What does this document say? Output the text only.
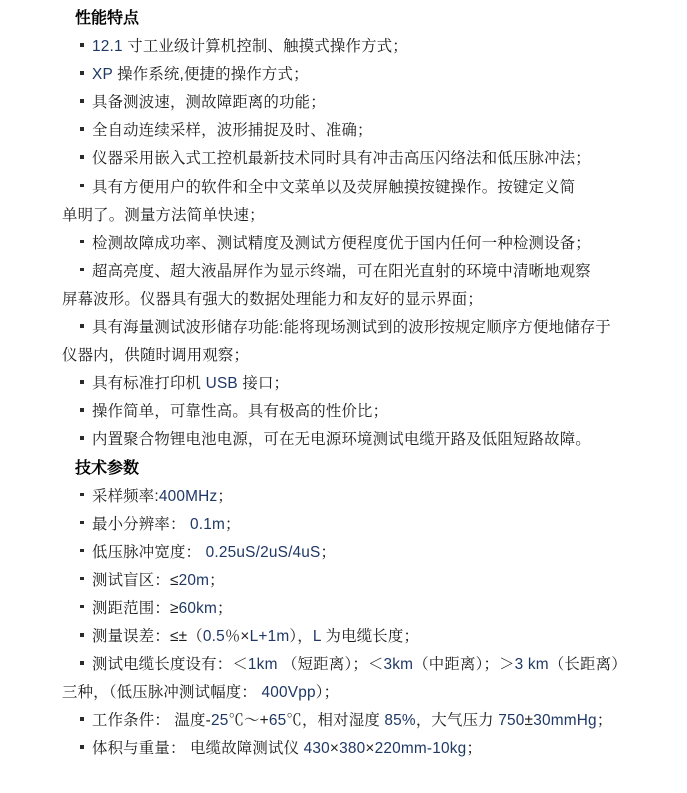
性能特点
12.1 寸工业级计算机控制、触摸式操作方式；
XP 操作系统,便捷的操作方式；
具备测波速，测故障距离的功能；
全自动连续采样，波形捕捉及时、准确；
仪器采用嵌入式工控机最新技术同时具有冲击高压闪络法和低压脉冲法；
具有方便用户的软件和全中文菜单以及荧屏触摸按键操作。按键定义简
单明了。测量方法简单快速；
检测故障成功率、测试精度及测试方便程度优于国内任何一种检测设备；
超高亮度、超大液晶屏作为显示终端，可在阳光直射的环境中清晰地观察
屏幕波形。仪器具有强大的数据处理能力和友好的显示界面；
具有海量测试波形储存功能:能将现场测试到的波形按规定顺序方便地储存于
仪器内，供随时调用观察；
具有标准打印机 USB 接口；
操作简单，可靠性高。具有极高的性价比；
内置聚合物锂电池电源，可在无电源环境测试电缆开路及低阻短路故障。
技术参数
采样频率:400MHz；
最小分辨率： 0.1m；
低压脉冲宽度： 0.25uS/2uS/4uS；
测试盲区：≤20m；
测距范围：≥60km；
测量误差：≤±（0.5％×L+1m），L 为电缆长度；
测试电缆长度设有：＜1km （短距离）；＜3km（中距离）；＞3 km（长距离）
三种，（低压脉冲测试幅度： 400Vpp）；
工作条件： 温度-25℃～+65℃，相对湿度 85%，大气压力 750±30mmHg；
体积与重量： 电缆故障测试仪 430×380×220mm-10kg；
